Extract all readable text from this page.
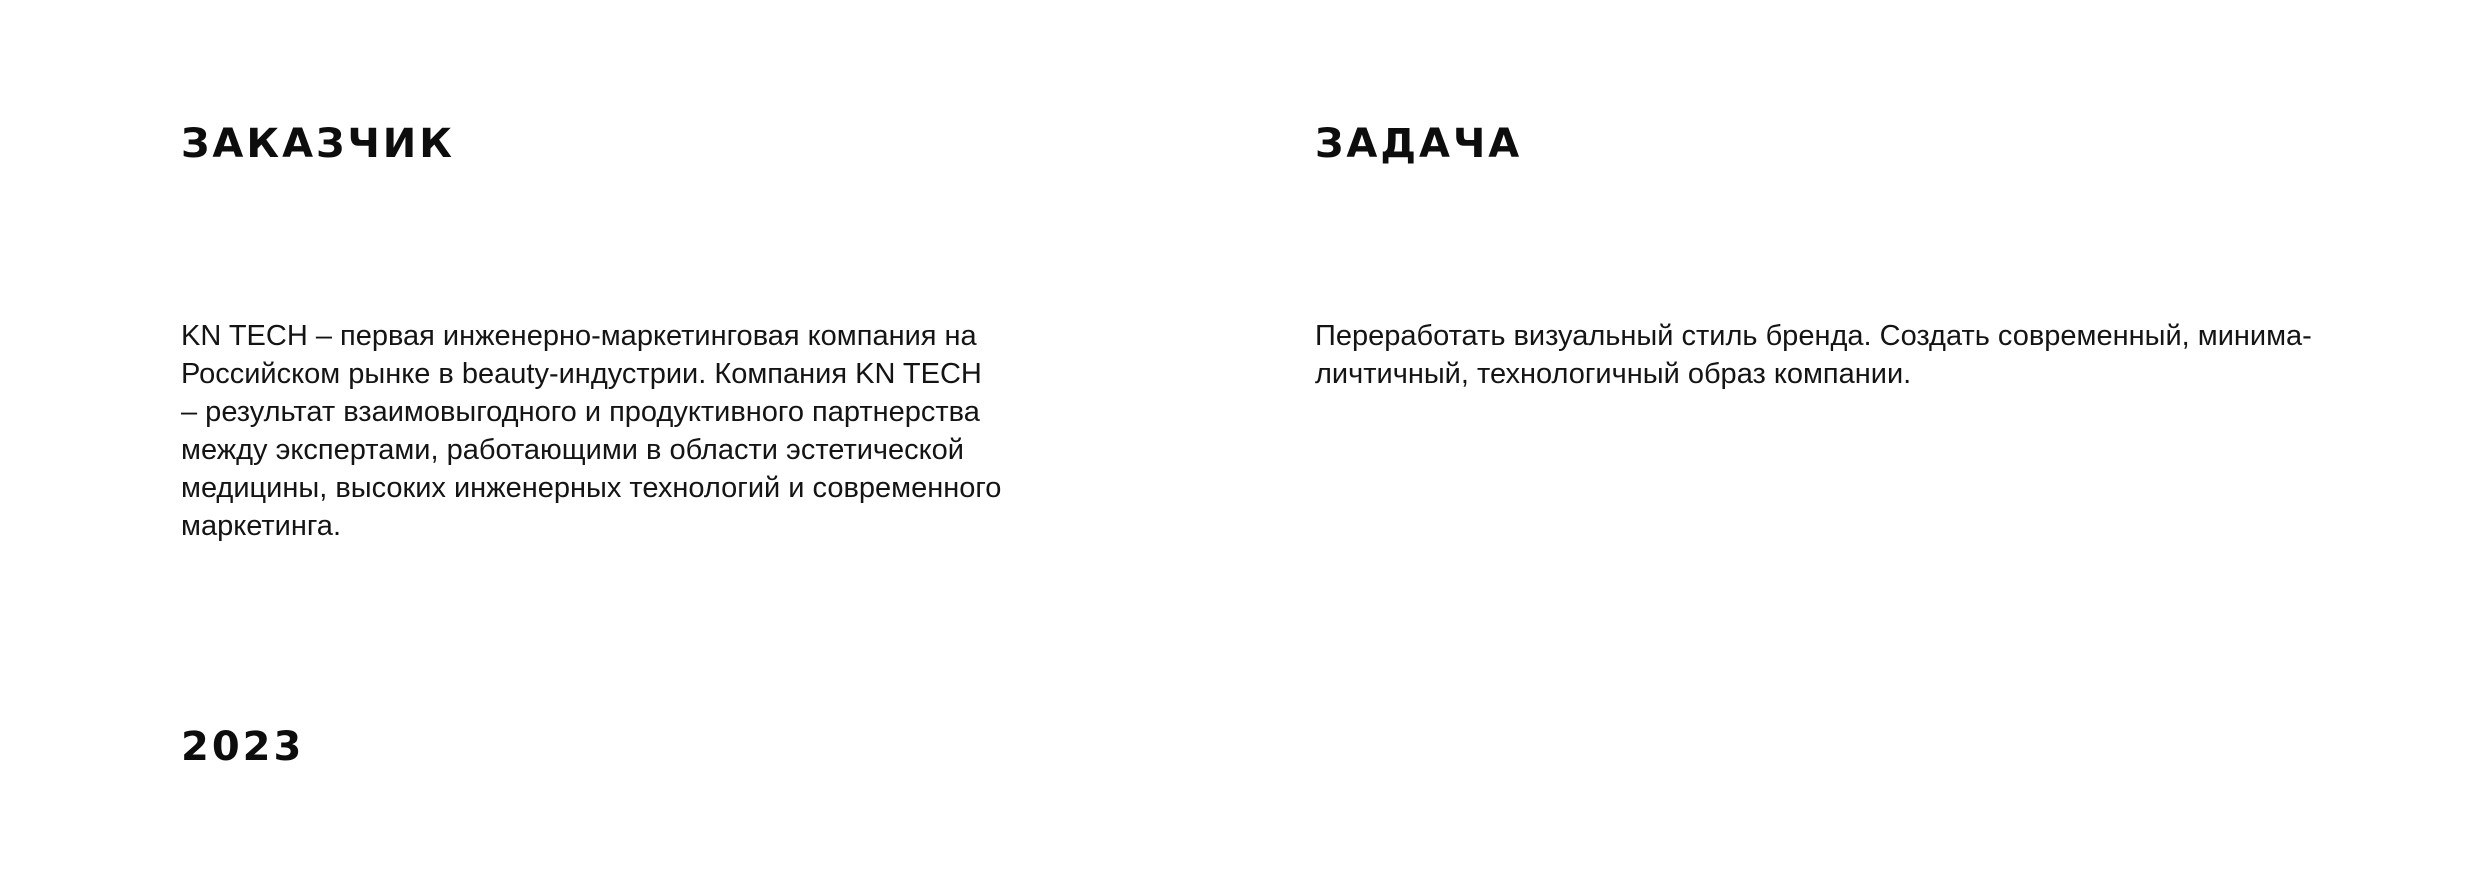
ЗАКАЗЧИК	ЗАДАЧА

KN TECH – первая инженерно-маркетинговая компания на
Российском рынке в beauty-индустрии. Компания KN TECH
– результат взаимовыгодного и продуктивного партнерства
между экспертами, работающими в области эстетической
медицины, высоких инженерных технологий и современного
маркетинга.

Переработать визуальный стиль бренда. Создать современный, минима-
личтичный, технологичный образ компании.

2023
